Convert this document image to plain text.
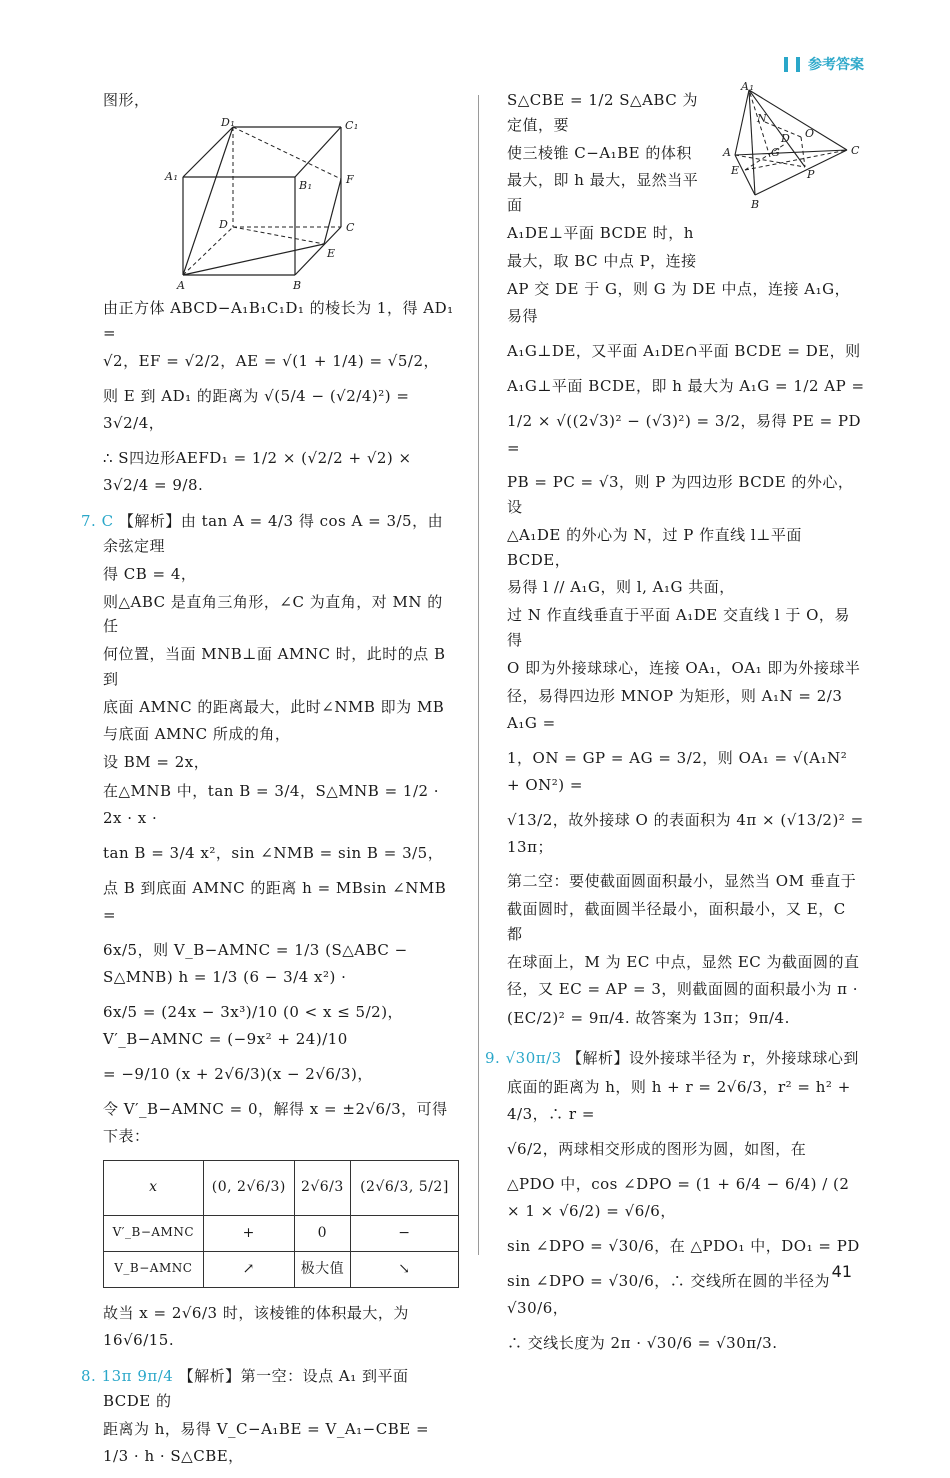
参考答案

图形，

D₁	C₁
A₁
B₁	F
D	C
E
A	B

由正方体 ABCD−A₁B₁C₁D₁ 的棱长为 1，得 AD₁ =

√2，EF = √2/2，AE = √(1 + 1/4) = √5/2，

则 E 到 AD₁ 的距离为 √(5/4 − (√2/4)²) = 3√2/4，

∴ S四边形AEFD₁ = 1/2 × (√2/2 + √2) × 3√2/4 = 9/8.

7. C 【解析】由 tan A = 4/3 得 cos A = 3/5，由余弦定理

得 CB = 4，

则△ABC 是直角三角形，∠C 为直角，对 MN 的任

何位置，当面 MNB⊥面 AMNC 时，此时的点 B 到

底面 AMNC 的距离最大，此时∠NMB 即为 MB

与底面 AMNC 所成的角，

设 BM = 2x，

在△MNB 中，tan B = 3/4，S△MNB = 1/2 · 2x · x ·

tan B = 3/4 x²，sin ∠NMB = sin B = 3/5，

点 B 到底面 AMNC 的距离 h = MBsin ∠NMB =

6x/5，则 V_B−AMNC = 1/3 (S△ABC − S△MNB) h = 1/3 (6 − 3/4 x²) ·

6x/5 = (24x − 3x³)/10 (0 < x ≤ 5/2)，V′_B−AMNC = (−9x² + 24)/10

= −9/10 (x + 2√6/3)(x − 2√6/3)，

令 V′_B−AMNC = 0，解得 x = ±2√6/3，可得下表：

x	(0, 2√6/3)	2√6/3	(2√6/3, 5/2]
V′_B−AMNC	+	0	−
V_B−AMNC	↗	极大值	↘

故当 x = 2√6/3 时，该棱锥的体积最大，为 16√6/15.

8. 13π 9π/4 【解析】第一空：设点 A₁ 到平面 BCDE 的

距离为 h，易得 V_C−A₁BE = V_A₁−CBE = 1/3 · h · S△CBE，

A₁
N
D O
A	G	C
E	P
B

S△CBE = 1/2 S△ABC 为定值，要

使三棱锥 C−A₁BE 的体积

最大，即 h 最大，显然当平面

A₁DE⊥平面 BCDE 时，h

最大，取 BC 中点 P，连接

AP 交 DE 于 G，则 G 为 DE 中点，连接 A₁G，易得

A₁G⊥DE，又平面 A₁DE∩平面 BCDE = DE，则

A₁G⊥平面 BCDE，即 h 最大为 A₁G = 1/2 AP =

1/2 × √((2√3)² − (√3)²) = 3/2，易得 PE = PD =

PB = PC = √3，则 P 为四边形 BCDE 的外心，设

△A₁DE 的外心为 N，过 P 作直线 l⊥平面 BCDE，

易得 l // A₁G，则 l, A₁G 共面，

过 N 作直线垂直于平面 A₁DE 交直线 l 于 O，易得

O 即为外接球球心，连接 OA₁，OA₁ 即为外接球半

径，易得四边形 MNOP 为矩形，则 A₁N = 2/3 A₁G =

1，ON = GP = AG = 3/2，则 OA₁ = √(A₁N² + ON²) =

√13/2，故外接球 O 的表面积为 4π × (√13/2)² = 13π；

第二空：要使截面圆面积最小，显然当 OM 垂直于

截面圆时，截面圆半径最小，面积最小，又 E，C 都

在球面上，M 为 EC 中点，显然 EC 为截面圆的直

径，又 EC = AP = 3，则截面圆的面积最小为 π ·

(EC/2)² = 9π/4. 故答案为 13π；9π/4.

9. √30π/3 【解析】设外接球半径为 r，外接球球心到

底面的距离为 h，则 h + r = 2√6/3，r² = h² + 4/3，∴ r =

√6/2，两球相交形成的图形为圆，如图，在

△PDO 中，cos ∠DPO = (1 + 6/4 − 6/4) / (2 × 1 × √6/2) = √6/6，

sin ∠DPO = √30/6，在 △PDO₁ 中，DO₁ = PD

sin ∠DPO = √30/6，∴ 交线所在圆的半径为 √30/6，

∴ 交线长度为 2π · √30/6 = √30π/3.

41
